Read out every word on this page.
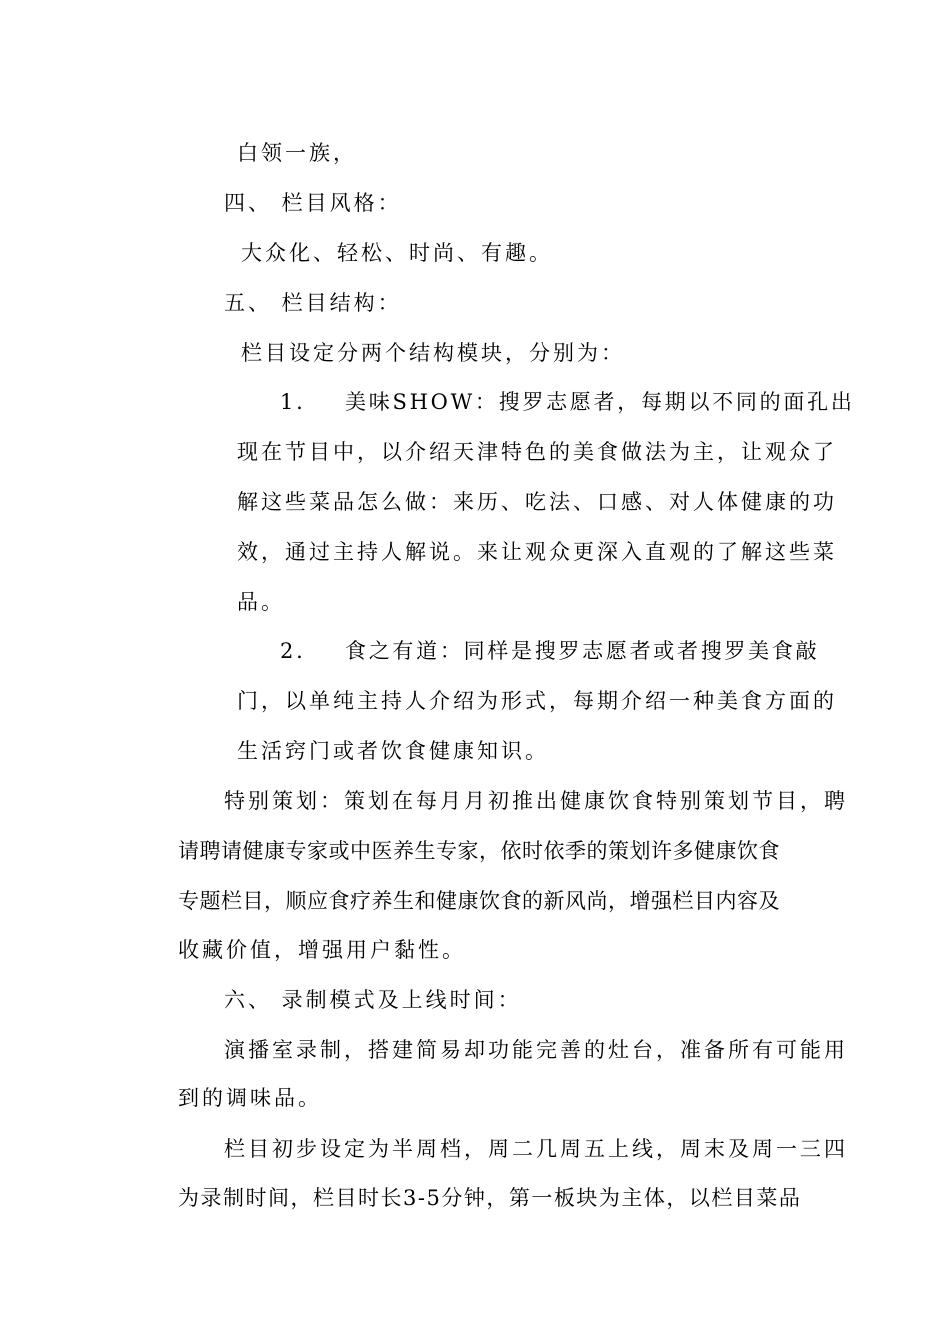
白领一族，
四、 栏目风格：
大众化、轻松、时尚、有趣。
五、 栏目结构：
栏目设定分两个结构模块，分别为：
1. 美味SHOW：搜罗志愿者，每期以不同的面孔出
现在节目中，以介绍天津特色的美食做法为主，让观众了
解这些菜品怎么做：来历、吃法、口感、对人体健康的功
效，通过主持人解说。来让观众更深入直观的了解这些菜
品。
2. 食之有道：同样是搜罗志愿者或者搜罗美食敲
门，以单纯主持人介绍为形式，每期介绍一种美食方面的
生活窍门或者饮食健康知识。
特别策划：策划在每月月初推出健康饮食特别策划节目，聘
请聘请健康专家或中医养生专家，依时依季的策划许多健康饮食
专题栏目，顺应食疗养生和健康饮食的新风尚，增强栏目内容及
收藏价值，增强用户黏性。
六、 录制模式及上线时间：
演播室录制，搭建简易却功能完善的灶台，准备所有可能用
到的调味品。
栏目初步设定为半周档，周二几周五上线，周末及周一三四
为录制时间，栏目时长3-5分钟，第一板块为主体，以栏目菜品
